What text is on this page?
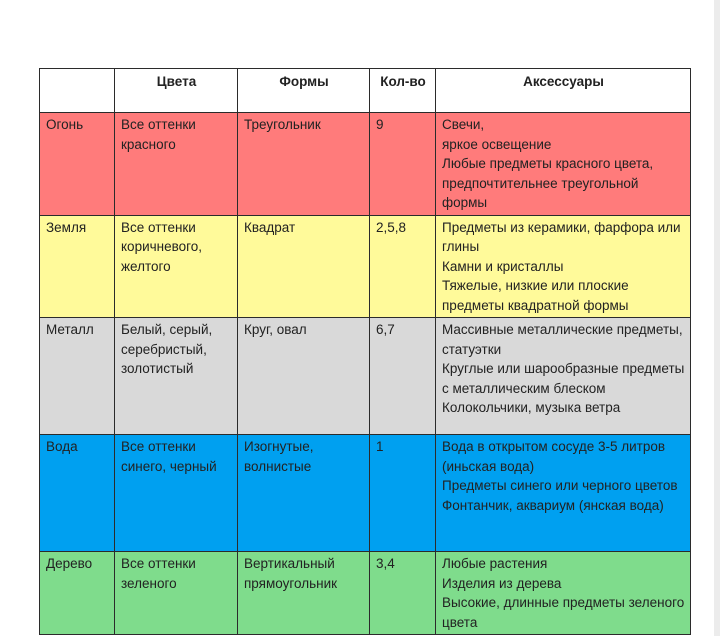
	Цвета	Формы	Кол-во	Аксессуары
Огонь	Все оттенки красного	Треугольник	9	Свечи,
яркое освещение
Любые предметы красного цвета, предпочтительнее треугольной формы

Земля	Все оттенки коричневого, желтого	Квадрат	2,5,8	Предметы из керамики, фарфора или глины
Камни и кристаллы
Тяжелые, низкие или плоские предметы квадратной формы

Металл	Белый, серый, серебристый, золотистый	Круг, овал	6,7	Массивные металлические предметы, статуэтки
Круглые или шарообразные предметы с металлическим блеском
Колокольчики, музыка ветра

Вода	Все оттенки синего, черный	Изогнутые, волнистые	1	Вода в открытом сосуде 3-5 литров (иньская вода)
Предметы синего или черного цветов
Фонтанчик, аквариум (янская вода)

Дерево	Все оттенки зеленого	Вертикальный прямоугольник	3,4	Любые растения
Изделия из дерева
Высокие, длинные предметы зеленого цвета
